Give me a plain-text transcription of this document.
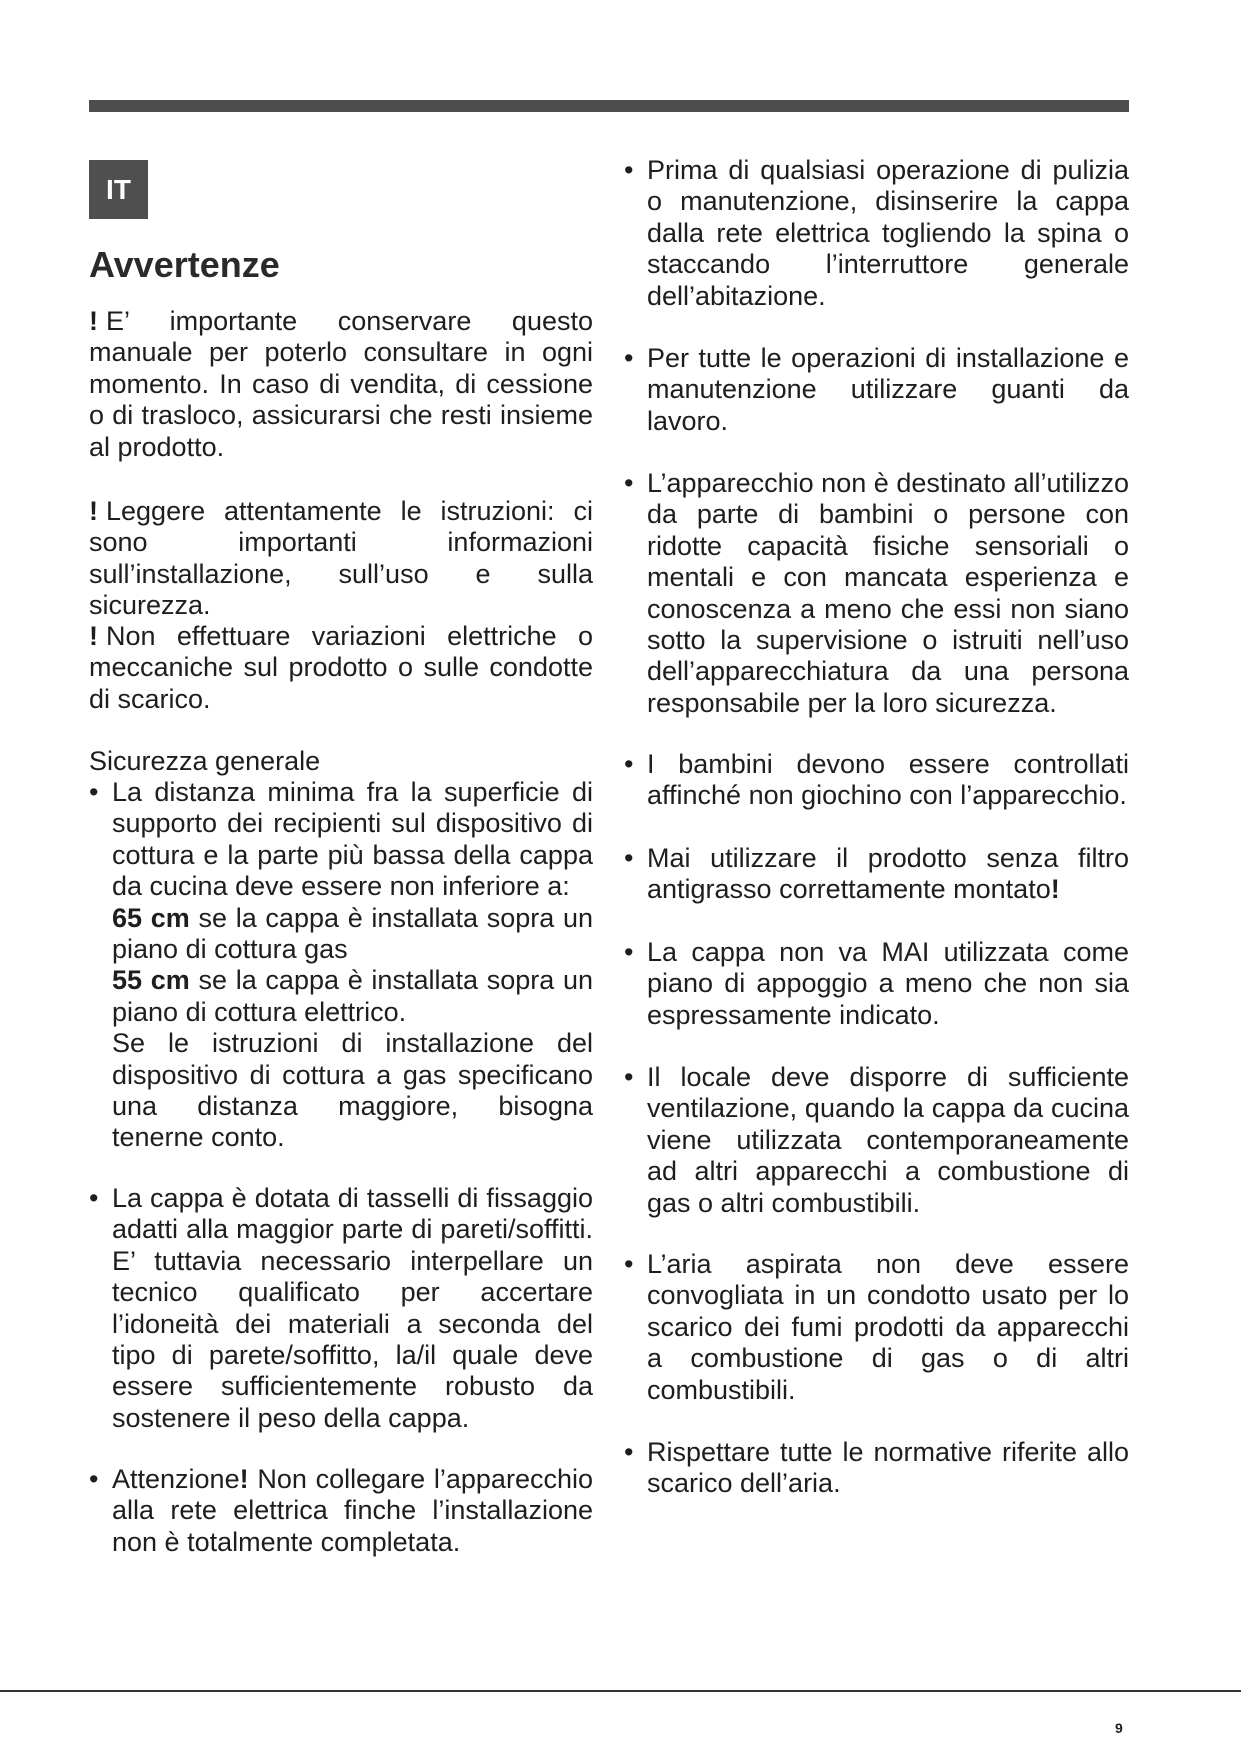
IT
Avvertenze

! E’ importante conservare questo manuale per poterlo consultare in ogni momento. In caso di vendita, di cessione o di trasloco, assicurarsi che resti insieme al prodotto.

! Leggere attentamente le istruzioni: ci sono importanti informazioni sull’installazione, sull’uso e sulla sicurezza.

! Non effettuare variazioni elettriche o meccaniche sul prodotto o sulle condotte di scarico.

Sicurezza generale
• La distanza minima fra la superficie di supporto dei recipienti sul dispositivo di cottura e la parte più bassa della cappa da cucina deve essere non inferiore a:
65 cm se la cappa è installata sopra un piano di cottura gas
55 cm se la cappa è installata sopra un piano di cottura elettrico.
Se le istruzioni di installazione del dispositivo di cottura a gas specificano una distanza maggiore, bisogna tenerne conto.
• La cappa è dotata di tasselli di fissaggio adatti alla maggior parte di pareti/soffitti. E’ tuttavia necessario interpellare un tecnico qualificato per accertare l’idoneità dei materiali a seconda del tipo di parete/soffitto, la/il quale deve essere sufficientemente robusto da sostenere il peso della cappa.

• Attenzione! Non collegare l’apparecchio alla rete elettrica finche l’installazione non è totalmente completata.

• Prima di qualsiasi operazione di pulizia o manutenzione, disinserire la cappa dalla rete elettrica togliendo la spina o staccando l’interruttore generale dell’abitazione.

• Per tutte le operazioni di installazione e manutenzione utilizzare guanti da lavoro.

• L’apparecchio non è destinato all’utilizzo da parte di bambini o persone con ridotte capacità fisiche sensoriali o mentali e con mancata esperienza e conoscenza a meno che essi non siano sotto la supervisione o istruiti nell’uso dell’apparecchiatura da una persona responsabile per la loro sicurezza.

• I bambini devono essere controllati affinché non giochino con l’apparecchio.

• Mai utilizzare il prodotto senza filtro antigrasso correttamente montato!

• La cappa non va MAI utilizzata come piano di appoggio a meno che non sia espressamente indicato.

• Il locale deve disporre di sufficiente ventilazione, quando la cappa da cucina viene utilizzata contemporaneamente ad altri apparecchi a combustione di gas o altri combustibili.

• L’aria aspirata non deve essere convogliata in un condotto usato per lo scarico dei fumi prodotti da apparecchi a combustione di gas o di altri combustibili.

• Rispettare tutte le normative riferite allo scarico dell’aria.

9
